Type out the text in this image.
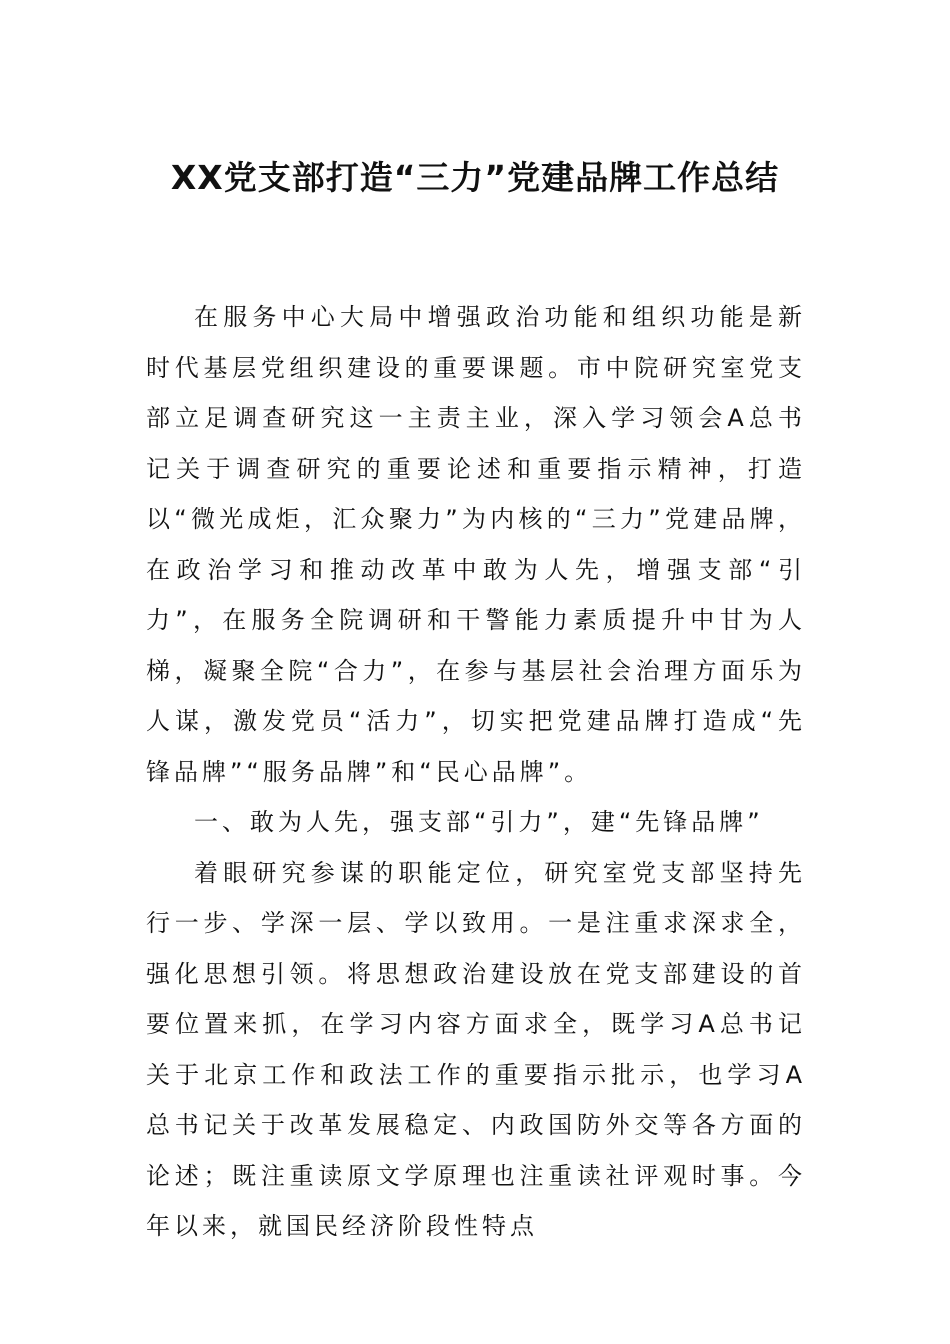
XX党支部打造“三力”党建品牌工作总结

在服务中心大局中增强政治功能和组织功能是新时代基层党组织建设的重要课题。市中院研究室党支部立足调查研究这一主责主业，深入学习领会A总书记关于调查研究的重要论述和重要指示精神，打造以“微光成炬，汇众聚力”为内核的“三力”党建品牌，在政治学习和推动改革中敢为人先，增强支部“引力”，在服务全院调研和干警能力素质提升中甘为人梯，凝聚全院“合力”，在参与基层社会治理方面乐为人谋，激发党员“活力”，切实把党建品牌打造成“先锋品牌”“服务品牌”和“民心品牌”。

一、敢为人先，强支部“引力”，建“先锋品牌”

着眼研究参谋的职能定位，研究室党支部坚持先行一步、学深一层、学以致用。一是注重求深求全，强化思想引领。将思想政治建设放在党支部建设的首要位置来抓，在学习内容方面求全，既学习A总书记关于北京工作和政法工作的重要指示批示，也学习A总书记关于改革发展稳定、内政国防外交等各方面的论述；既注重读原文学原理也注重读社评观时事。今年以来，就国民经济阶段性特点
